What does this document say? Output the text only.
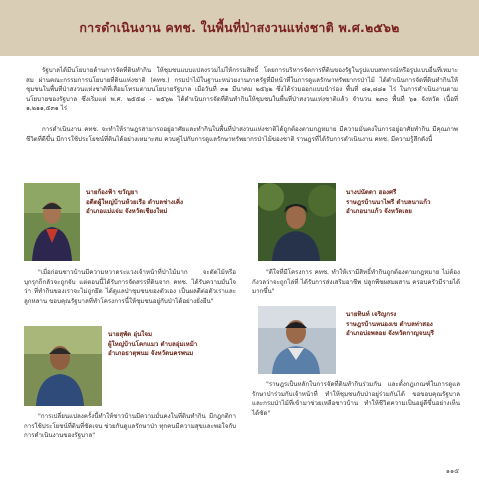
การดำเนินงาน คทช. ในพื้นที่ป่าสงวนแห่งชาติ พ.ศ.๒๕๖๒
รัฐบาลได้มีนโยบายด้านการจัดที่ดินทำกิน ให้ชุมชนแบบแปลงรวมไม่ให้กรรมสิทธิ์ โดยการบริหารจัดการที่ดินของรัฐในรูปแบบสหกรณ์หรือรูปแบบอื่นที่เหมาะสม ผ่านคณะกรรมการนโยบายที่ดินแห่งชาติ (คทช.) กรมป่าไม้ในฐานะหน่วยงานภาครัฐที่มีหน้าที่ในการดูแลรักษาทรัพยากรป่าไม้ ได้ดำเนินการจัดที่ดินทำกินให้ชุมชนในพื้นที่ป่าสงวนแห่งชาติที่เสื่อมโทรมตามนโยบายรัฐบาล เมื่อวันที่ ๓๑ มีนาคม ๒๕๖๒ ซึ่งได้ร่วมออกแบบนำร่อง พื้นที่ ๘๑,๘๘๑ ไร่ ในการดำเนินงานตามนโยบายของรัฐบาล ซึ่งเริ่มแต่ พ.ศ. ๒๕๕๘ - ๒๕๖๒ ได้ดำเนินการจัดที่ดินทำกินให้ชุมชนในพื้นที่ป่าสงวนแห่งชาติแล้ว จำนวน ๒๓๐ พื้นที่ ๖๑ จังหวัด เนื้อที่ ๑,๒๑๑,๕๓๑ ไร่
การดำเนินงาน คทช. จะทำให้ราษฎรสามารถอยู่อาศัยและทำกินในพื้นที่ป่าสงวนแห่งชาติได้ถูกต้องตามกฎหมาย มีความมั่นคงในการอยู่อาศัยทำกิน มีคุณภาพชีวิตที่ดีขึ้น มีการใช้ประโยชน์ที่ดินได้อย่างเหมาะสม ควบคู่ไปกับการดูแลรักษาทรัพยากรป่าไม้ของชาติ ราษฎรที่ได้รับการดำเนินงาน คทช. มีความรู้สึกดังนี้
นายก้องฟ้า ขวัญยา
อดีตผู้ใหญ่บ้านห้วยเรือ ตำบลช่างเคิ่ง
อำเภอแม่แจ่ม จังหวัดเชียงใหม่
"เมื่อก่อนชาวบ้านมีความหวาดระแวงเจ้าหน้าที่ป่าไม้มาก จะตัดไม้หรือบุกรุกก็กลัวจะถูกจับ แต่ตอนนี้ได้รับการจัดสรรที่ดินจาก คทช. ได้รับความมั่นใจว่า ที่ทำกินของเราจะไม่ถูกยึด ได้ดูแลป่าชุมชนของตัวเอง เป็นผลดีต่อตัวเราและลูกหลาน ขอบคุณรัฐบาลที่ทำโครงการนี้ให้ชุมชนอยู่กับป่าได้อย่างยั่งยืน"
นางปนัดดา ฮองศรี
ราษฎรบ้านนาไพรี ตำบลนาแก้ว
อำเภอนาแก้ว จังหวัดเลย
"ดีใจที่มีโครงการ คทช. ทำให้เรามีสิทธิ์ทำกินถูกต้องตามกฎหมาย ไม่ต้องกังวลว่าจะถูกไล่ที่ ได้รับการส่งเสริมอาชีพ ปลูกพืชผสมผสาน ครอบครัวมีรายได้มากขึ้น"
นายสุพัต อุ่นใจม
ผู้ใหญ่บ้านโคกแมว ตำบลอุ่มเหม้า
อำเภอธาตุพนม จังหวัดนครพนม
"การเปลี่ยนแปลงครั้งนี้ทำให้ชาวบ้านมีความมั่นคงในที่ดินทำกิน มีกฎกติกาการใช้ประโยชน์ที่ดินที่ชัดเจน ช่วยกันดูแลรักษาป่า ทุกคนมีความสุขและพอใจกับการดำเนินงานของรัฐบาล"
นายทินท์ เจริญกรง
ราษฎรบ้านหนองเข ตำบลท่าสอง
อำเภอบ่อพลอย จังหวัดกาญจนบุรี
"ราษฎรเป็นหลักในการจัดที่ดินทำกินร่วมกัน และตั้งกฎเกณฑ์ในการดูแลรักษาป่าร่วมกับเจ้าหน้าที่ ทำให้ชุมชนกับป่าอยู่ร่วมกันได้ ขอขอบคุณรัฐบาลและกรมป่าไม้ที่เข้ามาช่วยเหลือชาวบ้าน ทำให้ชีวิตความเป็นอยู่ดีขึ้นอย่างเห็นได้ชัด"
๑๑๕
